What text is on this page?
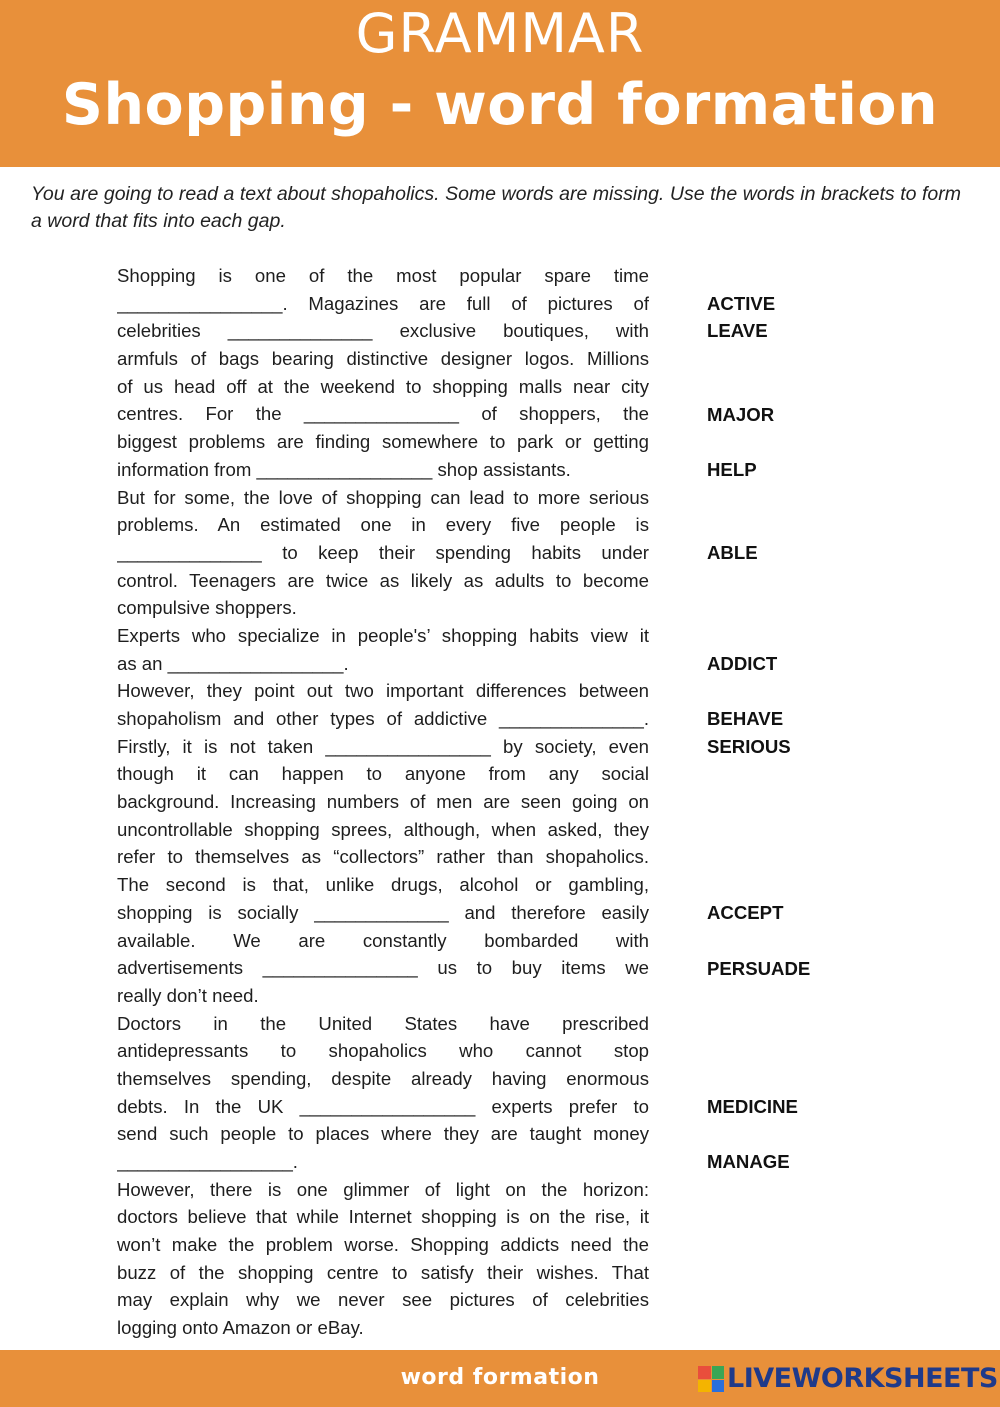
GRAMMAR
Shopping - word formation
You are going to read a text about shopaholics. Some words are missing. Use the words in brackets to form a word that fits into each gap.
Shopping is one of the most popular spare time
________________. Magazines are full of pictures of
celebrities ______________ exclusive boutiques, with
armfuls of bags bearing distinctive designer logos. Millions
of us head off at the weekend to shopping malls near city
centres. For the _______________ of shoppers, the
biggest problems are finding somewhere to park or getting
information from _________________ shop assistants.
But for some, the love of shopping can lead to more serious
problems. An estimated one in every five people is
______________ to keep their spending habits under
control. Teenagers are twice as likely as adults to become
compulsive shoppers.
Experts who specialize in people's’ shopping habits view it
as an _________________.
However, they point out two important differences between
shopaholism and other types of addictive ______________.
Firstly, it is not taken ________________ by society, even
though it can happen to anyone from any social
background. Increasing numbers of men are seen going on
uncontrollable shopping sprees, although, when asked, they
refer to themselves as “collectors” rather than shopaholics.
The second is that, unlike drugs, alcohol or gambling,
shopping is socially _____________ and therefore easily
available. We are constantly bombarded with
advertisements _______________ us to buy items we
really don’t need.
Doctors in the United States have prescribed
antidepressants to shopaholics who cannot stop
themselves spending, despite already having enormous
debts. In the UK _________________ experts prefer to
send such people to places where they are taught money
_________________.
However, there is one glimmer of light on the horizon:
doctors believe that while Internet shopping is on the rise, it
won’t make the problem worse. Shopping addicts need the
buzz of the shopping centre to satisfy their wishes. That
may explain why we never see pictures of celebrities
logging onto Amazon or eBay.
ACTIVE
LEAVE
MAJOR
HELP
ABLE
ADDICT
BEHAVE
SERIOUS
ACCEPT
PERSUADE
MEDICINE
MANAGE
word formation	LIVEWORKSHEETS
